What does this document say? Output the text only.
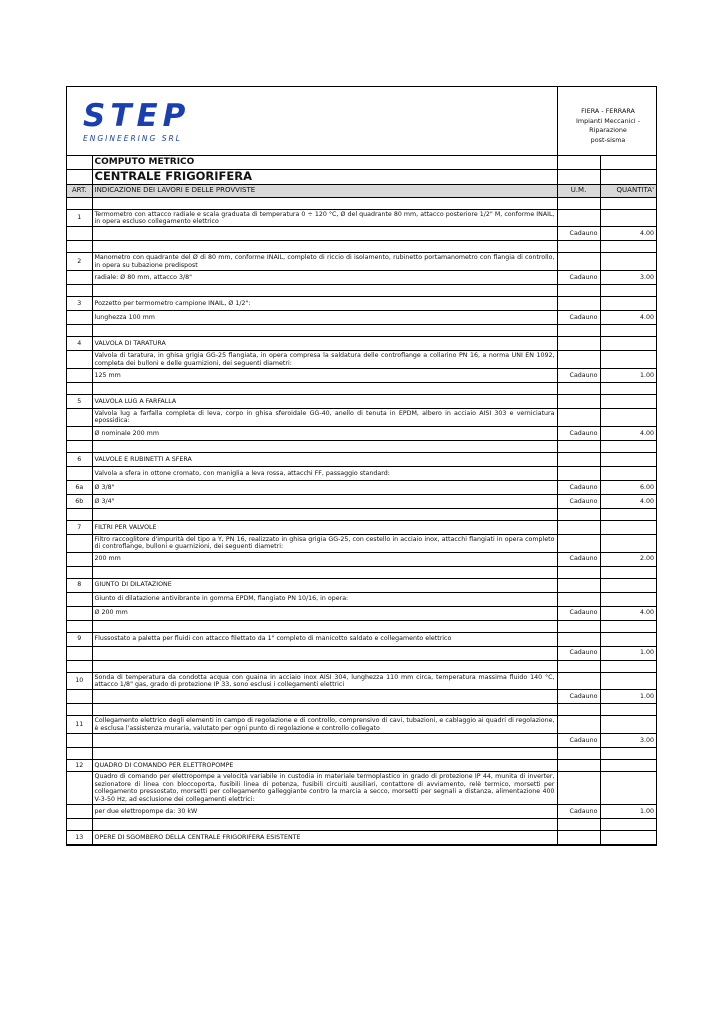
STEP
ENGINEERING SRL
FIERA - FERRARA
Impianti Meccanici - Riparazione
post-sisma
	COMPUTO METRICO		
	CENTRALE FRIGORIFERA		
ART.	INDICAZIONE DEI LAVORI E DELLE PROVVISTE	U.M.	QUANTITA'

1	Termometro con attacco radiale e scala graduata di temperatura 0 ÷ 120 °C, Ø del quadrante 80 mm, attacco posteriore 1/2" M, conforme INAIL, in opera escluso collegamento elettrico		
		Cadauno	4.00

2	Manometro con quadrante del Ø di 80 mm, conforme INAIL, completo di riccio di isolamento, rubinetto portamanometro con flangia di controllo, in opera su tubazione predispost		
	radiale: Ø 80 mm, attacco 3/8"	Cadauno	3.00

3	Pozzetto per termometro campione INAIL, Ø 1/2":		
	lunghezza 100 mm	Cadauno	4.00

4	VALVOLA DI TARATURA		
	Valvola di taratura, in ghisa grigia GG-25 flangiata, in opera compresa la saldatura delle controflange a collarino PN 16, a norma UNI EN 1092, completa dei bulloni e delle guarnizioni, dei seguenti diametri:		
	125 mm	Cadauno	1.00

5	VALVOLA LUG A FARFALLA		
	Valvola lug a farfalla completa di leva, corpo in ghisa sferoidale GG-40, anello di tenuta in EPDM, albero in acciaio AISI 303 e verniciatura epossidica:		
	Ø nominale 200 mm	Cadauno	4.00

6	VALVOLE E RUBINETTI A SFERA		
	Valvola a sfera in ottone cromato, con maniglia a leva rossa, attacchi FF, passaggio standard:		
6a	Ø 3/8"	Cadauno	6.00
6b	Ø 3/4"	Cadauno	4.00

7	FILTRI PER VALVOLE		
	Filtro raccoglitore d'impurità del tipo a Y, PN 16, realizzato in ghisa grigia GG-25, con cestello in acciaio inox, attacchi flangiati in opera completo di controflange, bulloni e guarnizioni, dei seguenti diametri:		
	200 mm	Cadauno	2.00

8	GIUNTO DI DILATAZIONE		
	Giunto di dilatazione antivibrante in gomma EPDM, flangiato PN 10/16, in opera:		
	Ø 200 mm	Cadauno	4.00

9	Flussostato a paletta per fluidi con attacco filettato da 1" completo di manicotto saldato e collegamento elettrico		
		Cadauno	1.00

10	Sonda di temperatura da condotta acqua con guaina in acciaio inox AISI 304, lunghezza 110 mm circa, temperatura massima fluido 140 °C, attacco 1/8" gas, grado di protezione IP 33, sono esclusi i collegamenti elettrici		
		Cadauno	1.00

11	Collegamento elettrico degli elementi in campo di regolazione e di controllo, comprensivo di cavi, tubazioni, e cablaggio ai quadri di regolazione, è esclusa l'assistenza muraria, valutato per ogni punto di regolazione e controllo collegato		
		Cadauno	3.00

12	QUADRO DI COMANDO PER ELETTROPOMPE		
	Quadro di comando per elettropompe a velocità variabile in custodia in materiale termoplastico in grado di protezione IP 44, munita di inverter, sezionatore di linea con bloccoporta, fusibili linea di potenza, fusibili circuiti ausiliari, contattore di avviamento, relè termico, morsetti per collegamento pressostato, morsetti per collegamento galleggiante contro la marcia a secco, morsetti per segnali a distanza, alimentazione 400 V-3-50 Hz, ad esclusione dei collegamenti elettrici:		
	per due elettropompe da: 30 kW	Cadauno	1.00

13	OPERE DI SGOMBERO DELLA CENTRALE FRIGORIFERA ESISTENTE		
